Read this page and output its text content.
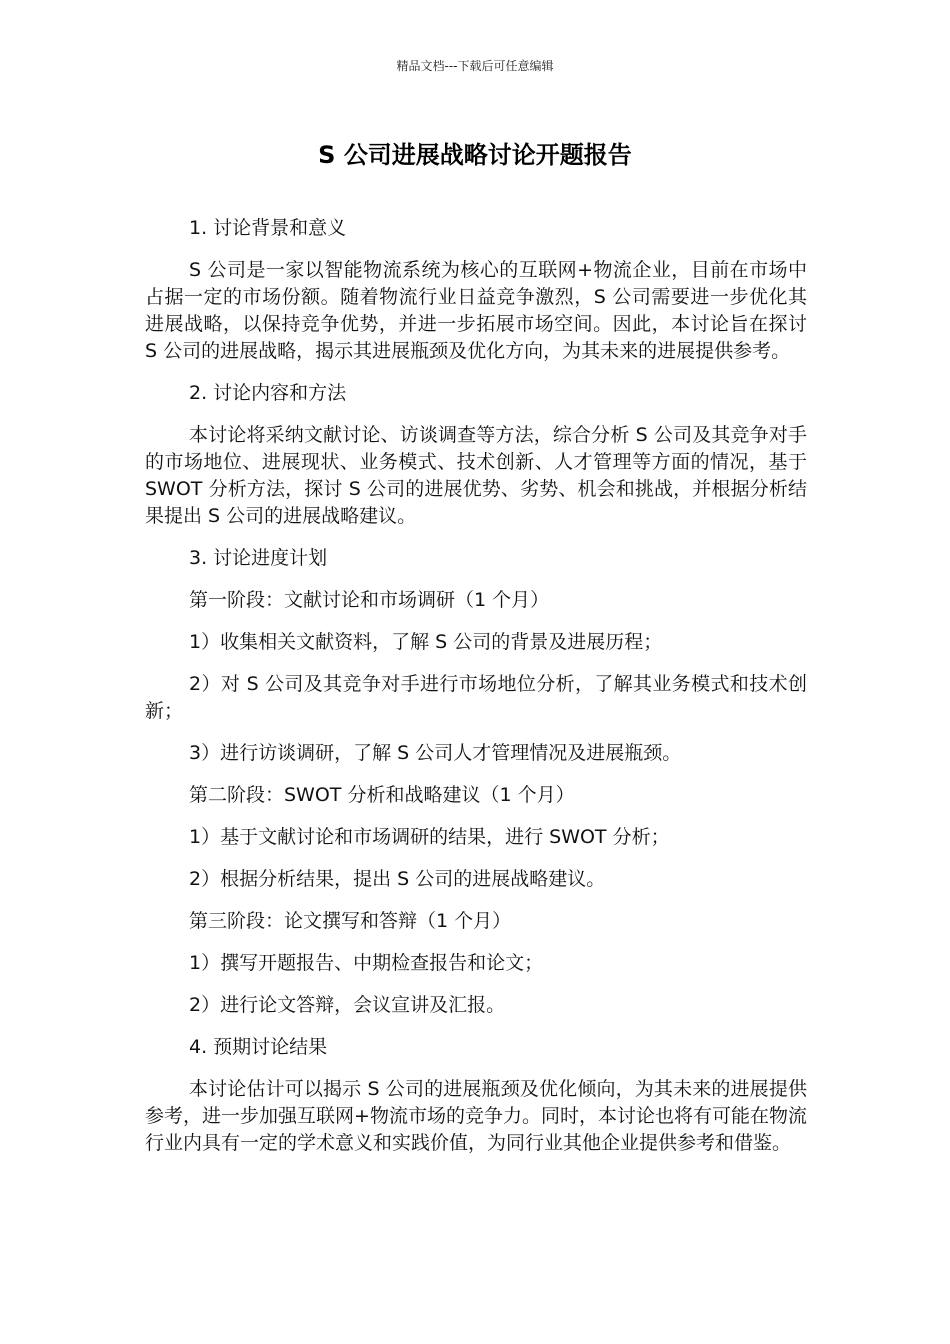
精品文档---下载后可任意编辑
S 公司进展战略讨论开题报告

1. 讨论背景和意义

S 公司是一家以智能物流系统为核心的互联网+物流企业，目前在市场中占据一定的市场份额。随着物流行业日益竞争激烈，S 公司需要进一步优化其进展战略，以保持竞争优势，并进一步拓展市场空间。因此，本讨论旨在探讨 S 公司的进展战略，揭示其进展瓶颈及优化方向，为其未来的进展提供参考。

2. 讨论内容和方法

本讨论将采纳文献讨论、访谈调查等方法，综合分析 S 公司及其竞争对手的市场地位、进展现状、业务模式、技术创新、人才管理等方面的情况，基于 SWOT 分析方法，探讨 S 公司的进展优势、劣势、机会和挑战，并根据分析结果提出 S 公司的进展战略建议。

3. 讨论进度计划

第一阶段：文献讨论和市场调研（1 个月）

1）收集相关文献资料，了解 S 公司的背景及进展历程；

2）对 S 公司及其竞争对手进行市场地位分析，了解其业务模式和技术创新；

3）进行访谈调研，了解 S 公司人才管理情况及进展瓶颈。

第二阶段：SWOT 分析和战略建议（1 个月）

1）基于文献讨论和市场调研的结果，进行 SWOT 分析；

2）根据分析结果，提出 S 公司的进展战略建议。

第三阶段：论文撰写和答辩（1 个月）

1）撰写开题报告、中期检查报告和论文；

2）进行论文答辩，会议宣讲及汇报。

4. 预期讨论结果

本讨论估计可以揭示 S 公司的进展瓶颈及优化倾向，为其未来的进展提供参考，进一步加强互联网+物流市场的竞争力。同时，本讨论也将有可能在物流行业内具有一定的学术意义和实践价值，为同行业其他企业提供参考和借鉴。
